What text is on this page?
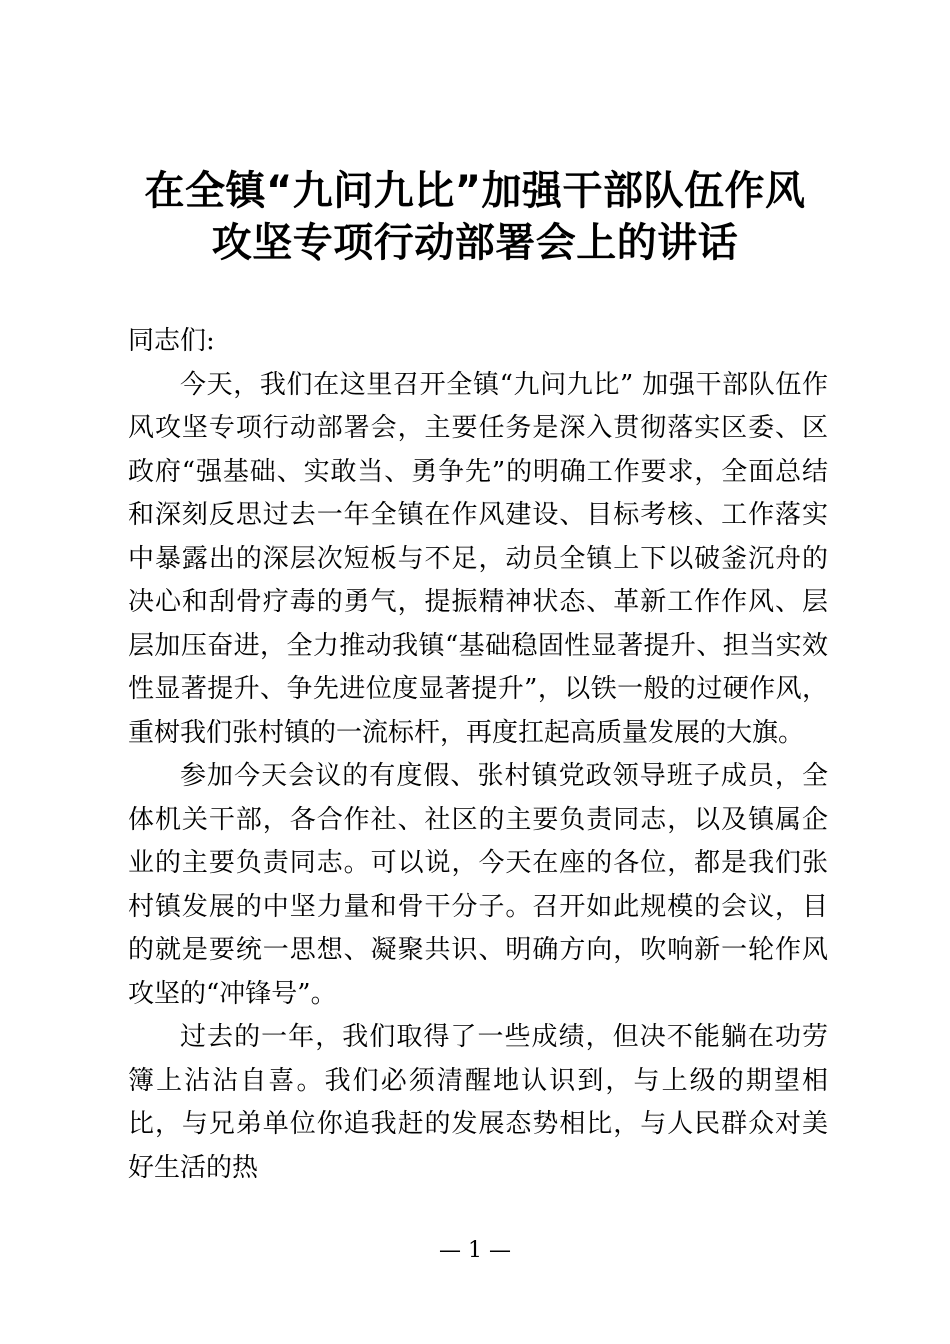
在全镇“九问九比”加强干部队伍作风
攻坚专项行动部署会上的讲话

同志们:

今天，我们在这里召开全镇“九问九比” 加强干部队伍作风攻坚专项行动部署会，主要任务是深入贯彻落实区委、区政府“强基础、实敢当、勇争先”的明确工作要求，全面总结和深刻反思过去一年全镇在作风建设、目标考核、工作落实中暴露出的深层次短板与不足，动员全镇上下以破釜沉舟的决心和刮骨疗毒的勇气，提振精神状态、革新工作作风、层层加压奋进，全力推动我镇“基础稳固性显著提升、担当实效性显著提升、争先进位度显著提升”，以铁一般的过硬作风，重树我们张村镇的一流标杆，再度扛起高质量发展的大旗。

参加今天会议的有度假、张村镇党政领导班子成员，全体机关干部，各合作社、社区的主要负责同志，以及镇属企业的主要负责同志。可以说，今天在座的各位，都是我们张村镇发展的中坚力量和骨干分子。召开如此规模的会议，目的就是要统一思想、凝聚共识、明确方向，吹响新一轮作风攻坚的“冲锋号”。

过去的一年，我们取得了一些成绩，但决不能躺在功劳簿上沾沾自喜。我们必须清醒地认识到，与上级的期望相比，与兄弟单位你追我赶的发展态势相比，与人民群众对美好生活的热

— 1 —
